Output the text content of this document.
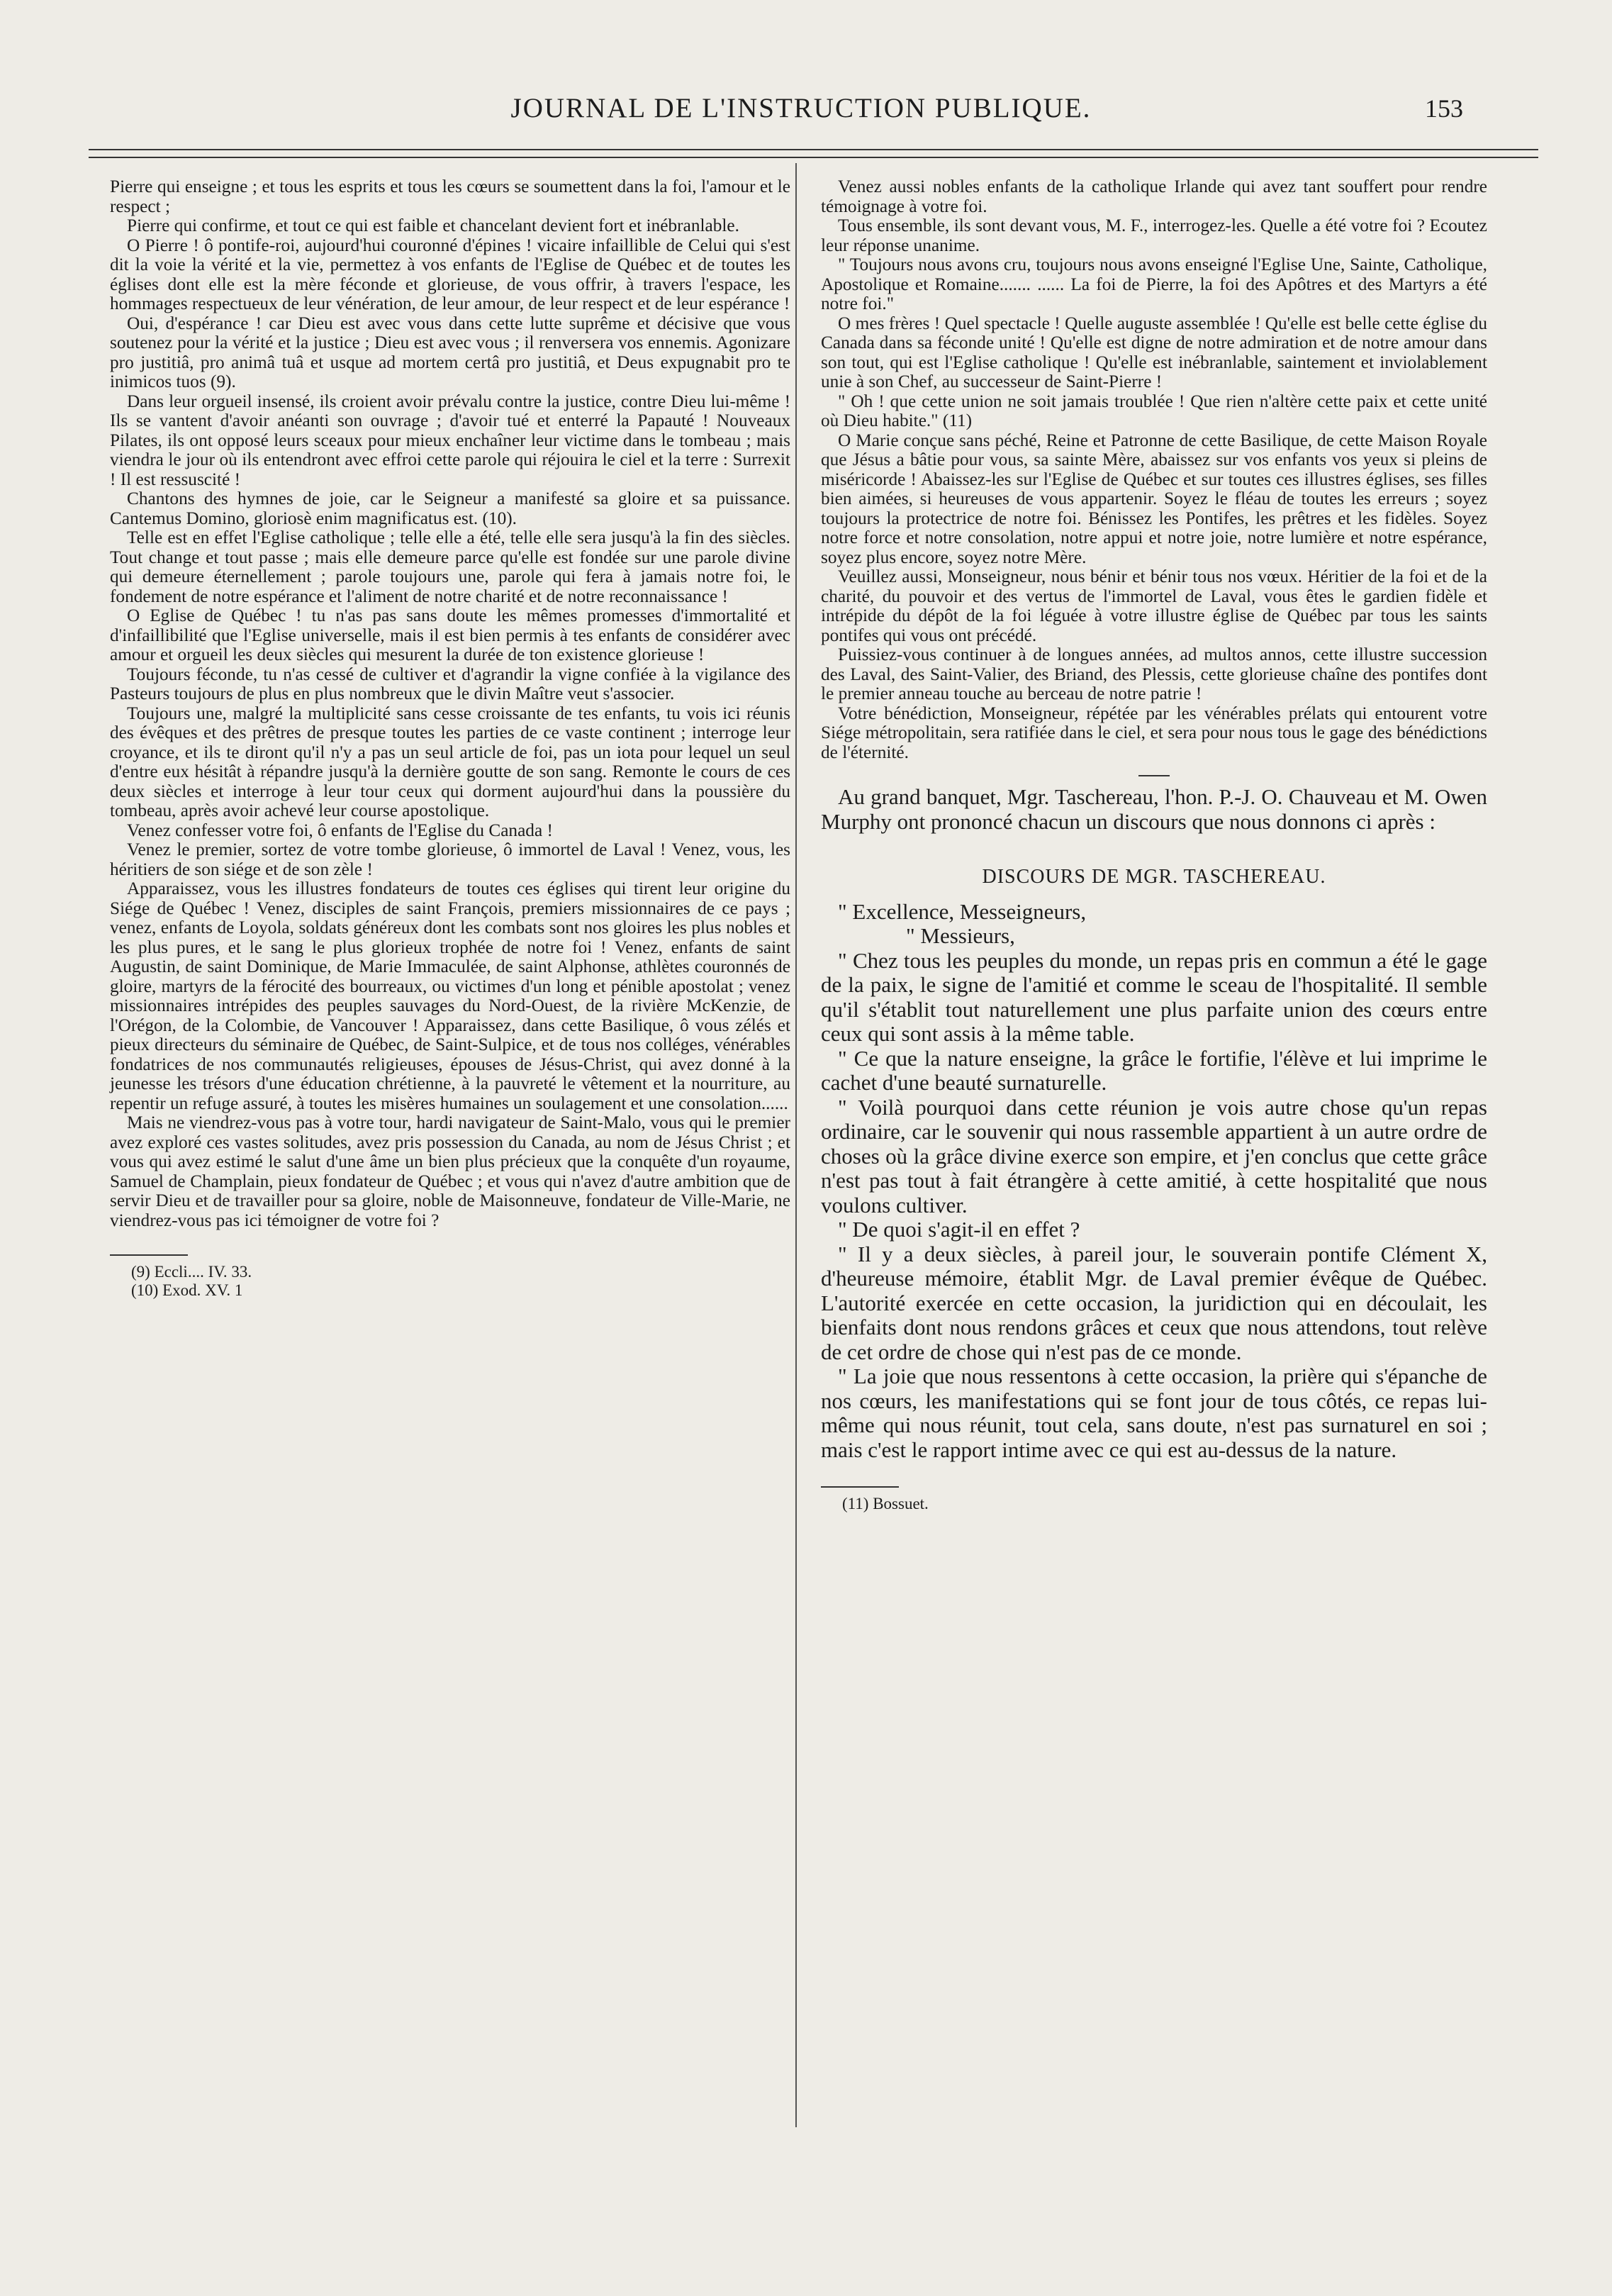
JOURNAL DE L'INSTRUCTION PUBLIQUE.	153

Pierre qui enseigne ; et tous les esprits et tous les cœurs se soumettent dans la foi, l'amour et le respect ;

Pierre qui confirme, et tout ce qui est faible et chancelant devient fort et inébranlable.

O Pierre ! ô pontife-roi, aujourd'hui couronné d'épines ! vicaire infaillible de Celui qui s'est dit la voie la vérité et la vie, permettez à vos enfants de l'Eglise de Québec et de toutes les églises dont elle est la mère féconde et glorieuse, de vous offrir, à travers l'espace, les hommages respectueux de leur vénération, de leur amour, de leur respect et de leur espérance !

Oui, d'espérance ! car Dieu est avec vous dans cette lutte suprême et décisive que vous soutenez pour la vérité et la justice ; Dieu est avec vous ; il renversera vos ennemis. Agonizare pro justitiâ, pro animâ tuâ et usque ad mortem certâ pro justitiâ, et Deus expugnabit pro te inimicos tuos (9).

Dans leur orgueil insensé, ils croient avoir prévalu contre la justice, contre Dieu lui-même ! Ils se vantent d'avoir anéanti son ouvrage ; d'avoir tué et enterré la Papauté ! Nouveaux Pilates, ils ont opposé leurs sceaux pour mieux enchaîner leur victime dans le tombeau ; mais viendra le jour où ils entendront avec effroi cette parole qui réjouira le ciel et la terre : Surrexit ! Il est ressuscité !

Chantons des hymnes de joie, car le Seigneur a manifesté sa gloire et sa puissance. Cantemus Domino, gloriosè enim magnificatus est. (10).

Telle est en effet l'Eglise catholique ; telle elle a été, telle elle sera jusqu'à la fin des siècles. Tout change et tout passe ; mais elle demeure parce qu'elle est fondée sur une parole divine qui demeure éternellement ; parole toujours une, parole qui fera à jamais notre foi, le fondement de notre espérance et l'aliment de notre charité et de notre reconnaissance !

O Eglise de Québec ! tu n'as pas sans doute les mêmes promesses d'immortalité et d'infaillibilité que l'Eglise universelle, mais il est bien permis à tes enfants de considérer avec amour et orgueil les deux siècles qui mesurent la durée de ton existence glorieuse !

Toujours féconde, tu n'as cessé de cultiver et d'agrandir la vigne confiée à la vigilance des Pasteurs toujours de plus en plus nombreux que le divin Maître veut s'associer.

Toujours une, malgré la multiplicité sans cesse croissante de tes enfants, tu vois ici réunis des évêques et des prêtres de presque toutes les parties de ce vaste continent ; interroge leur croyance, et ils te diront qu'il n'y a pas un seul article de foi, pas un iota pour lequel un seul d'entre eux hésitât à répandre jusqu'à la dernière goutte de son sang. Remonte le cours de ces deux siècles et interroge à leur tour ceux qui dorment aujourd'hui dans la poussière du tombeau, après avoir achevé leur course apostolique.

Venez confesser votre foi, ô enfants de l'Eglise du Canada !

Venez le premier, sortez de votre tombe glorieuse, ô immortel de Laval ! Venez, vous, les héritiers de son siége et de son zèle !

Apparaissez, vous les illustres fondateurs de toutes ces églises qui tirent leur origine du Siége de Québec ! Venez, disciples de saint François, premiers missionnaires de ce pays ; venez, enfants de Loyola, soldats généreux dont les combats sont nos gloires les plus nobles et les plus pures, et le sang le plus glorieux trophée de notre foi ! Venez, enfants de saint Augustin, de saint Dominique, de Marie Immaculée, de saint Alphonse, athlètes couronnés de gloire, martyrs de la férocité des bourreaux, ou victimes d'un long et pénible apostolat ; venez missionnaires intrépides des peuples sauvages du Nord-Ouest, de la rivière McKenzie, de l'Orégon, de la Colombie, de Vancouver ! Apparaissez, dans cette Basilique, ô vous zélés et pieux directeurs du séminaire de Québec, de Saint-Sulpice, et de tous nos colléges, vénérables fondatrices de nos communautés religieuses, épouses de Jésus-Christ, qui avez donné à la jeunesse les trésors d'une éducation chrétienne, à la pauvreté le vêtement et la nourriture, au repentir un refuge assuré, à toutes les misères humaines un soulagement et une consolation......

Mais ne viendrez-vous pas à votre tour, hardi navigateur de Saint-Malo, vous qui le premier avez exploré ces vastes solitudes, avez pris possession du Canada, au nom de Jésus Christ ; et vous qui avez estimé le salut d'une âme un bien plus précieux que la conquête d'un royaume, Samuel de Champlain, pieux fondateur de Québec ; et vous qui n'avez d'autre ambition que de servir Dieu et de travailler pour sa gloire, noble de Maisonneuve, fondateur de Ville-Marie, ne viendrez-vous pas ici témoigner de votre foi ?

(9) Eccli.... IV. 33.
(10) Exod. XV. 1

Venez aussi nobles enfants de la catholique Irlande qui avez tant souffert pour rendre témoignage à votre foi.

Tous ensemble, ils sont devant vous, M. F., interrogez-les. Quelle a été votre foi ? Ecoutez leur réponse unanime.

" Toujours nous avons cru, toujours nous avons enseigné l'Eglise Une, Sainte, Catholique, Apostolique et Romaine....... ...... La foi de Pierre, la foi des Apôtres et des Martyrs a été notre foi."

O mes frères ! Quel spectacle ! Quelle auguste assemblée ! Qu'elle est belle cette église du Canada dans sa féconde unité ! Qu'elle est digne de notre admiration et de notre amour dans son tout, qui est l'Eglise catholique ! Qu'elle est inébranlable, saintement et inviolablement unie à son Chef, au successeur de Saint-Pierre !

" Oh ! que cette union ne soit jamais troublée ! Que rien n'altère cette paix et cette unité où Dieu habite." (11)

O Marie conçue sans péché, Reine et Patronne de cette Basilique, de cette Maison Royale que Jésus a bâtie pour vous, sa sainte Mère, abaissez sur vos enfants vos yeux si pleins de miséricorde ! Abaissez-les sur l'Eglise de Québec et sur toutes ces illustres églises, ses filles bien aimées, si heureuses de vous appartenir. Soyez le fléau de toutes les erreurs ; soyez toujours la protectrice de notre foi. Bénissez les Pontifes, les prêtres et les fidèles. Soyez notre force et notre consolation, notre appui et notre joie, notre lumière et notre espérance, soyez plus encore, soyez notre Mère.

Veuillez aussi, Monseigneur, nous bénir et bénir tous nos vœux. Héritier de la foi et de la charité, du pouvoir et des vertus de l'immortel de Laval, vous êtes le gardien fidèle et intrépide du dépôt de la foi léguée à votre illustre église de Québec par tous les saints pontifes qui vous ont précédé.

Puissiez-vous continuer à de longues années, ad multos annos, cette illustre succession des Laval, des Saint-Valier, des Briand, des Plessis, cette glorieuse chaîne des pontifes dont le premier anneau touche au berceau de notre patrie !

Votre bénédiction, Monseigneur, répétée par les vénérables prélats qui entourent votre Siége métropolitain, sera ratifiée dans le ciel, et sera pour nous tous le gage des bénédictions de l'éternité.

Au grand banquet, Mgr. Taschereau, l'hon. P.-J. O. Chauveau et M. Owen Murphy ont prononcé chacun un discours que nous donnons ci après :

DISCOURS DE MGR. TASCHEREAU.

" Excellence, Messeigneurs,

" Messieurs,

" Chez tous les peuples du monde, un repas pris en commun a été le gage de la paix, le signe de l'amitié et comme le sceau de l'hospitalité. Il semble qu'il s'établit tout naturellement une plus parfaite union des cœurs entre ceux qui sont assis à la même table.

" Ce que la nature enseigne, la grâce le fortifie, l'élève et lui imprime le cachet d'une beauté surnaturelle.

" Voilà pourquoi dans cette réunion je vois autre chose qu'un repas ordinaire, car le souvenir qui nous rassemble appartient à un autre ordre de choses où la grâce divine exerce son empire, et j'en conclus que cette grâce n'est pas tout à fait étrangère à cette amitié, à cette hospitalité que nous voulons cultiver.

" De quoi s'agit-il en effet ?

" Il y a deux siècles, à pareil jour, le souverain pontife Clément X, d'heureuse mémoire, établit Mgr. de Laval premier évêque de Québec. L'autorité exercée en cette occasion, la juridiction qui en découlait, les bienfaits dont nous rendons grâces et ceux que nous attendons, tout relève de cet ordre de chose qui n'est pas de ce monde.

" La joie que nous ressentons à cette occasion, la prière qui s'épanche de nos cœurs, les manifestations qui se font jour de tous côtés, ce repas lui-même qui nous réunit, tout cela, sans doute, n'est pas surnaturel en soi ; mais c'est le rapport intime avec ce qui est au-dessus de la nature.

(11) Bossuet.
